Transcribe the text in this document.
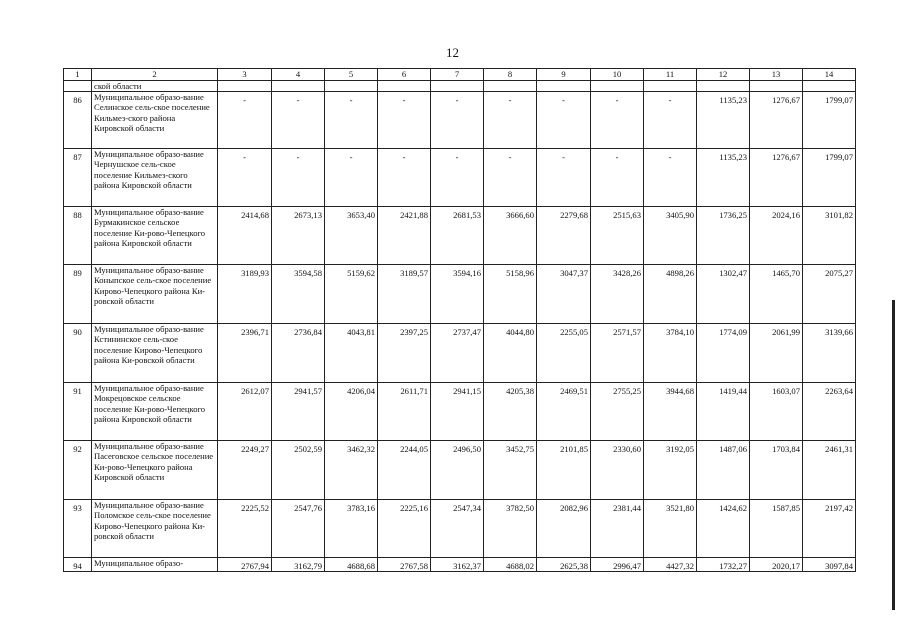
12
1	2	3	4	5	6	7	8	9	10	11	12	13	14
	ской области												
86	Муниципальное образо-вание Селинское сель-ское поселение Кильмез-ского района Кировской области	-	-	-	-	-	-	-	-	-	1135,23	1276,67	1799,07
87	Муниципальное образо-вание Чернушское сель-ское поселение Кильмез-ского района Кировской области	-	-	-	-	-	-	-	-	-	1135,23	1276,67	1799,07
88	Муниципальное образо-вание Бурмакинское сельское поселение Ки-рово-Чепецкого района Кировской области	2414,68	2673,13	3653,40	2421,88	2681,53	3666,60	2279,68	2515,63	3405,90	1736,25	2024,16	3101,82
89	Муниципальное образо-вание Коныпское сель-ское поселение Кирово-Чепецкого района Ки-ровской области	3189,93	3594,58	5159,62	3189,57	3594,16	5158,96	3047,37	3428,26	4898,26	1302,47	1465,70	2075,27
90	Муниципальное образо-вание Кстининское сель-ское поселение Кирово-Чепецкого района Ки-ровской области	2396,71	2736,84	4043,81	2397,25	2737,47	4044,80	2255,05	2571,57	3784,10	1774,09	2061,99	3139,66
91	Муниципальное образо-вание Мокрецовское сельское поселение Ки-рово-Чепецкого района Кировской области	2612,07	2941,57	4206,04	2611,71	2941,15	4205,38	2469,51	2755,25	3944,68	1419,44	1603,07	2263,64
92	Муниципальное образо-вание Пасеговское сельское поселение Ки-рово-Чепецкого района Кировской области	2249,27	2502,59	3462,32	2244,05	2496,50	3452,75	2101,85	2330,60	3192,05	1487,06	1703,84	2461,31
93	Муниципальное образо-вание Поломское сель-ское поселение Кирово-Чепецкого района Ки-ровской области	2225,52	2547,76	3783,16	2225,16	2547,34	3782,50	2082,96	2381,44	3521,80	1424,62	1587,85	2197,42
94	Муниципальное образо-	2767,94	3162,79	4688,68	2767,58	3162,37	4688,02	2625,38	2996,47	4427,32	1732,27	2020,17	3097,84
